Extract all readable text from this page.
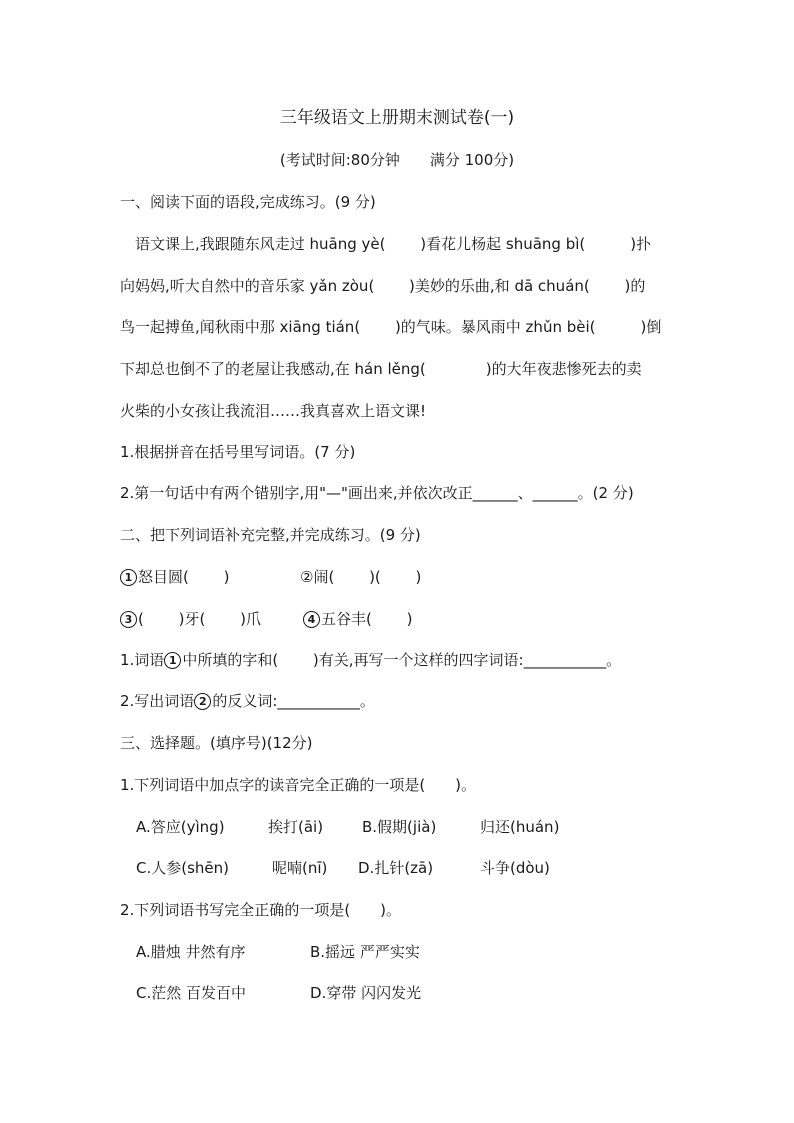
三年级语文上册期末测试卷(一)
(考试时间:80分钟　　满分 100分)
一、阅读下面的语段,完成练习。(9 分)
　语文课上,我跟随东风走过 huāng yè(　　 )看花儿杨起 shuāng bì(　　　)扑
向妈妈,听大自然中的音乐家 yǎn zòu(　　 )美妙的乐曲,和 dā chuán(　　 )的
鸟一起搏鱼,闻秋雨中那 xiāng tián(　　 )的气味。暴风雨中 zhǔn bèi(　　　)倒
下却总也倒不了的老屋让我感动,在 hán lěng(　　　　)的大年夜悲惨死去的卖
火柴的小女孩让我流泪……我真喜欢上语文课!
1.根据拼音在括号里写词语。(7 分)
2.第一句话中有两个错别字,用"—"画出来,并依次改正______、______。(2 分)
二、把下列词语补充完整,并完成练习。(9 分)
1 怒目圆(　　 )	②闹(　　 )(　　 )
3 (　　 )牙(　　 )爪	4 五谷丰(　　 )
1.词语 1 中所填的字和(　　 )有关,再写一个这样的四字词语:___________。
2.写出词语 2 的反义词:___________。
三、选择题。(填序号)(12分)
1.下列词语中加点字的读音完全正确的一项是(　　)。
A.答应(yìng)	挨打(āi)	B.假期(jià)	归还(huán)
C.人参(shēn)	呢喃(nī) D.扎针(zā)	斗争(dòu)
2.下列词语书写完全正确的一项是(　　)。
A.腊烛 井然有序	B.摇远 严严实实
C.茫然 百发百中	D.穿带 闪闪发光
